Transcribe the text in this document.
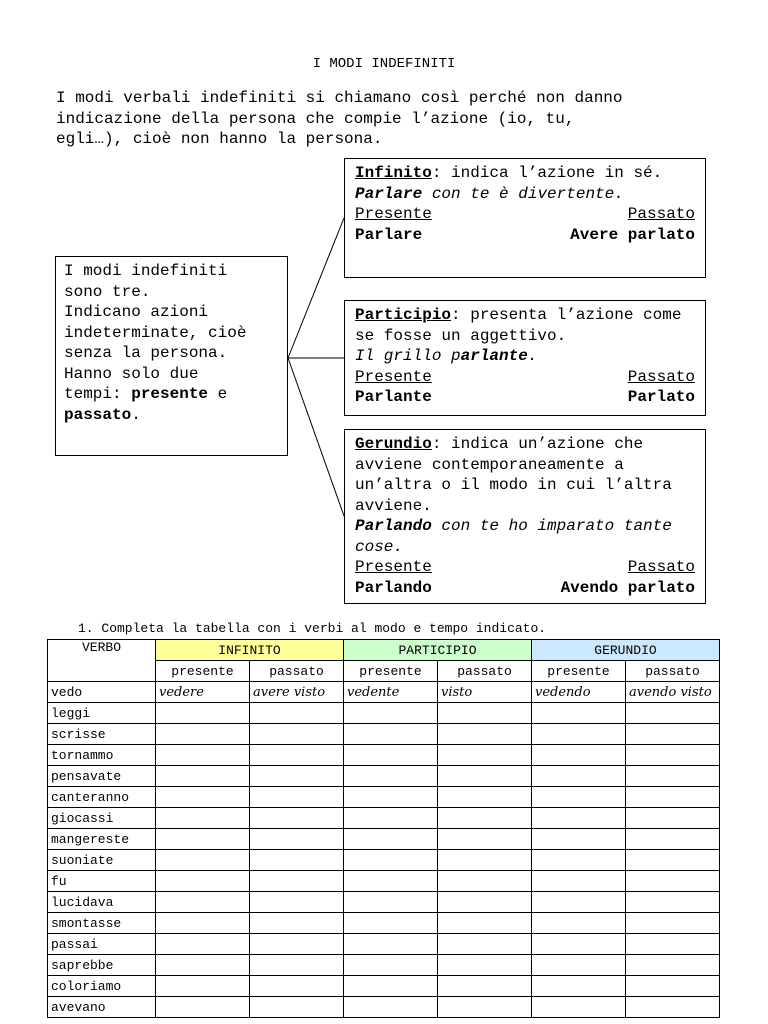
I MODI INDEFINITI
I modi verbali indefiniti si chiamano così perché non danno
indicazione della persona che compie l’azione (io, tu,
egli…), cioè non hanno la persona.
I modi indefiniti
sono tre.
Indicano azioni
indeterminate, cioè
senza la persona.
Hanno solo due
tempi: presente e
passato.
Infinito: indica l’azione in sé.
Parlare con te è divertente.
Presente	Passato
Parlare	Avere parlato
Participio: presenta l’azione come se fosse un aggettivo.
Il grillo parlante.
Presente	Passato
Parlante	Parlato
Gerundio: indica un’azione che avviene contemporaneamente a un’altra o il modo in cui l’altra avviene.
Parlando con te ho imparato tante cose.
Presente	Passato
Parlando	Avendo parlato
1. Completa la tabella con i verbi al modo e tempo indicato.
VERBO	INFINITO		PARTICIPIO		GERUNDIO	
	presente	passato	presente	passato	presente	passato
vedo	vedere	avere visto	vedente	visto	vedendo	avendo visto
leggi						
scrisse						
tornammo						
pensavate						
canteranno						
giocassi						
mangereste						
suoniate						
fu						
lucidava						
smontasse						
passai						
saprebbe						
coloriamo						
avevano						
